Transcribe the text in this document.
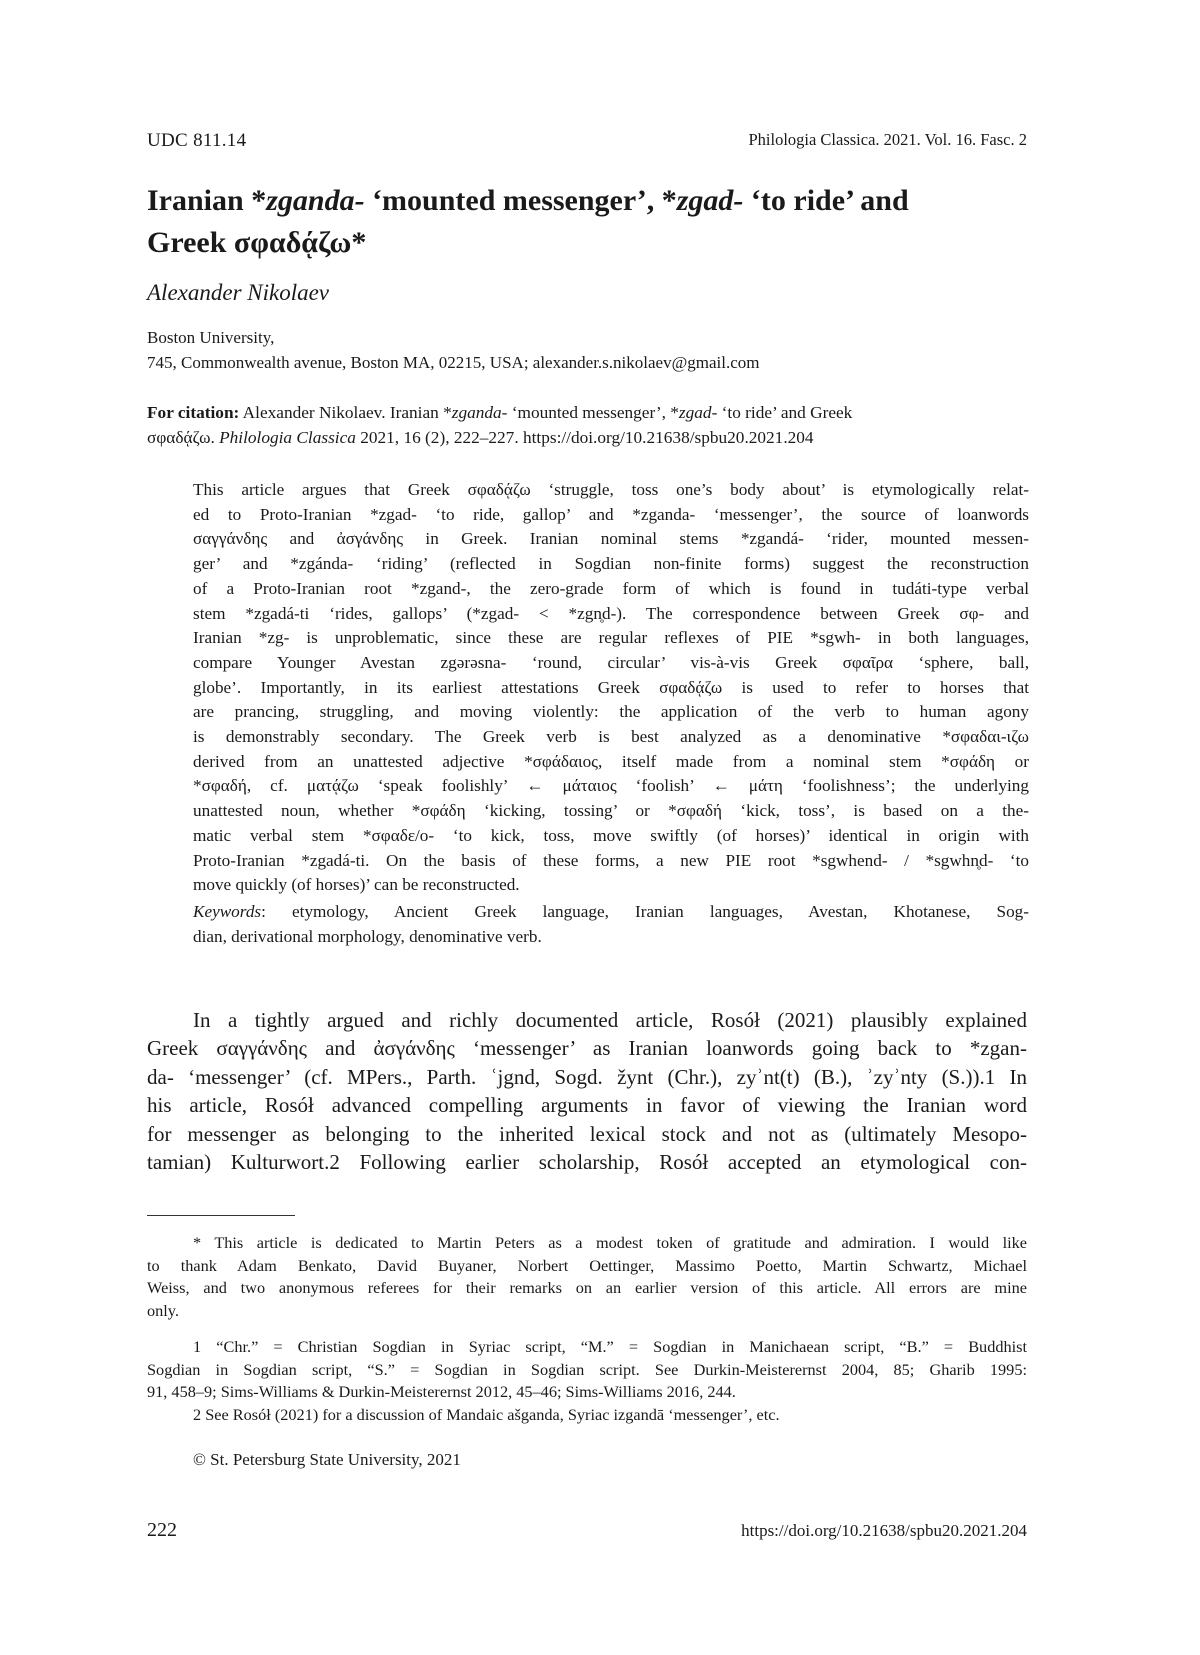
UDC 811.14	Philologia Classica. 2021. Vol. 16. Fasc. 2
Iranian *zganda- ‘mounted messenger’, *zgad- ‘to ride’ and
Greek σφαδᾴζω*
Alexander Nikolaev
Boston University,
745, Commonwealth avenue, Boston MA, 02215, USA; alexander.s.nikolaev@gmail.com
For citation: Alexander Nikolaev. Iranian *zganda- ‘mounted messenger’, *zgad- ‘to ride’ and Greek
σφαδᾴζω. Philologia Classica 2021, 16 (2), 222–227. https://doi.org/10.21638/spbu20.2021.204
This article argues that Greek σφαδᾴζω ‘struggle, toss one’s body about’ is etymologically relat-
ed to Proto-Iranian *zgad- ‘to ride, gallop’ and *zganda- ‘messenger’, the source of loanwords
σαγγάνδης and ἀσγάνδης in Greek. Iranian nominal stems *zgandá- ‘rider, mounted messen-
ger’ and *zgánda- ‘riding’ (reflected in Sogdian non-finite forms) suggest the reconstruction
of a Proto-Iranian root *zgand-, the zero-grade form of which is found in tudáti-type verbal
stem *zgadá-ti ‘rides, gallops’ (*zgad- < *zgn̥d-). The correspondence between Greek σφ- and
Iranian *zg- is unproblematic, since these are regular reflexes of PIE *sgwh- in both languages,
compare Younger Avestan zgərəsna- ‘round, circular’ vis-à-vis Greek σφαῖρα ‘sphere, ball,
globe’. Importantly, in its earliest attestations Greek σφαδᾴζω is used to refer to horses that
are prancing, struggling, and moving violently: the application of the verb to human agony
is demonstrably secondary. The Greek verb is best analyzed as a denominative *σφαδαι-ιζω
derived from an unattested adjective *σφάδαιος, itself made from a nominal stem *σφάδη or
*σφαδή, cf. ματᾴζω ‘speak foolishly’ ← μάταιος ‘foolish’ ← μάτη ‘foolishness’; the underlying
unattested noun, whether *σφάδη ‘kicking, tossing’ or *σφαδή ‘kick, toss’, is based on a the-
matic verbal stem *σφαδε/ο- ‘to kick, toss, move swiftly (of horses)’ identical in origin with
Proto-Iranian *zgadá-ti. On the basis of these forms, a new PIE root *sgwhend- / *sgwhn̥d- ‘to
move quickly (of horses)’ can be reconstructed.
Keywords: etymology, Ancient Greek language, Iranian languages, Avestan, Khotanese, Sog-
dian, derivational morphology, denominative verb.
In a tightly argued and richly documented article, Rosół (2021) plausibly explained
Greek σαγγάνδης and ἀσγάνδης ‘messenger’ as Iranian loanwords going back to *zgan-
da- ‘messenger’ (cf. MPers., Parth. ʿjgnd, Sogd. žynt (Chr.), zyʾnt(t) (B.), ʾzyʾnty (S.)).1 In
his article, Rosół advanced compelling arguments in favor of viewing the Iranian word
for messenger as belonging to the inherited lexical stock and not as (ultimately Mesopo-
tamian) Kulturwort.2 Following earlier scholarship, Rosół accepted an etymological con-
* This article is dedicated to Martin Peters as a modest token of gratitude and admiration. I would like
to thank Adam Benkato, David Buyaner, Norbert Oettinger, Massimo Poetto, Martin Schwartz, Michael
Weiss, and two anonymous referees for their remarks on an earlier version of this article. All errors are mine
only.
1 “Chr.” = Christian Sogdian in Syriac script, “M.” = Sogdian in Manichaean script, “B.” = Buddhist
Sogdian in Sogdian script, “S.” = Sogdian in Sogdian script. See Durkin-Meisterernst 2004, 85; Gharib 1995:
91, 458–9; Sims-Williams & Durkin-Meisterernst 2012, 45–46; Sims-Williams 2016, 244.
2 See Rosół (2021) for a discussion of Mandaic ašganda, Syriac izgandā ‘messenger’, etc.
© St. Petersburg State University, 2021
222	https://doi.org/10.21638/spbu20.2021.204
